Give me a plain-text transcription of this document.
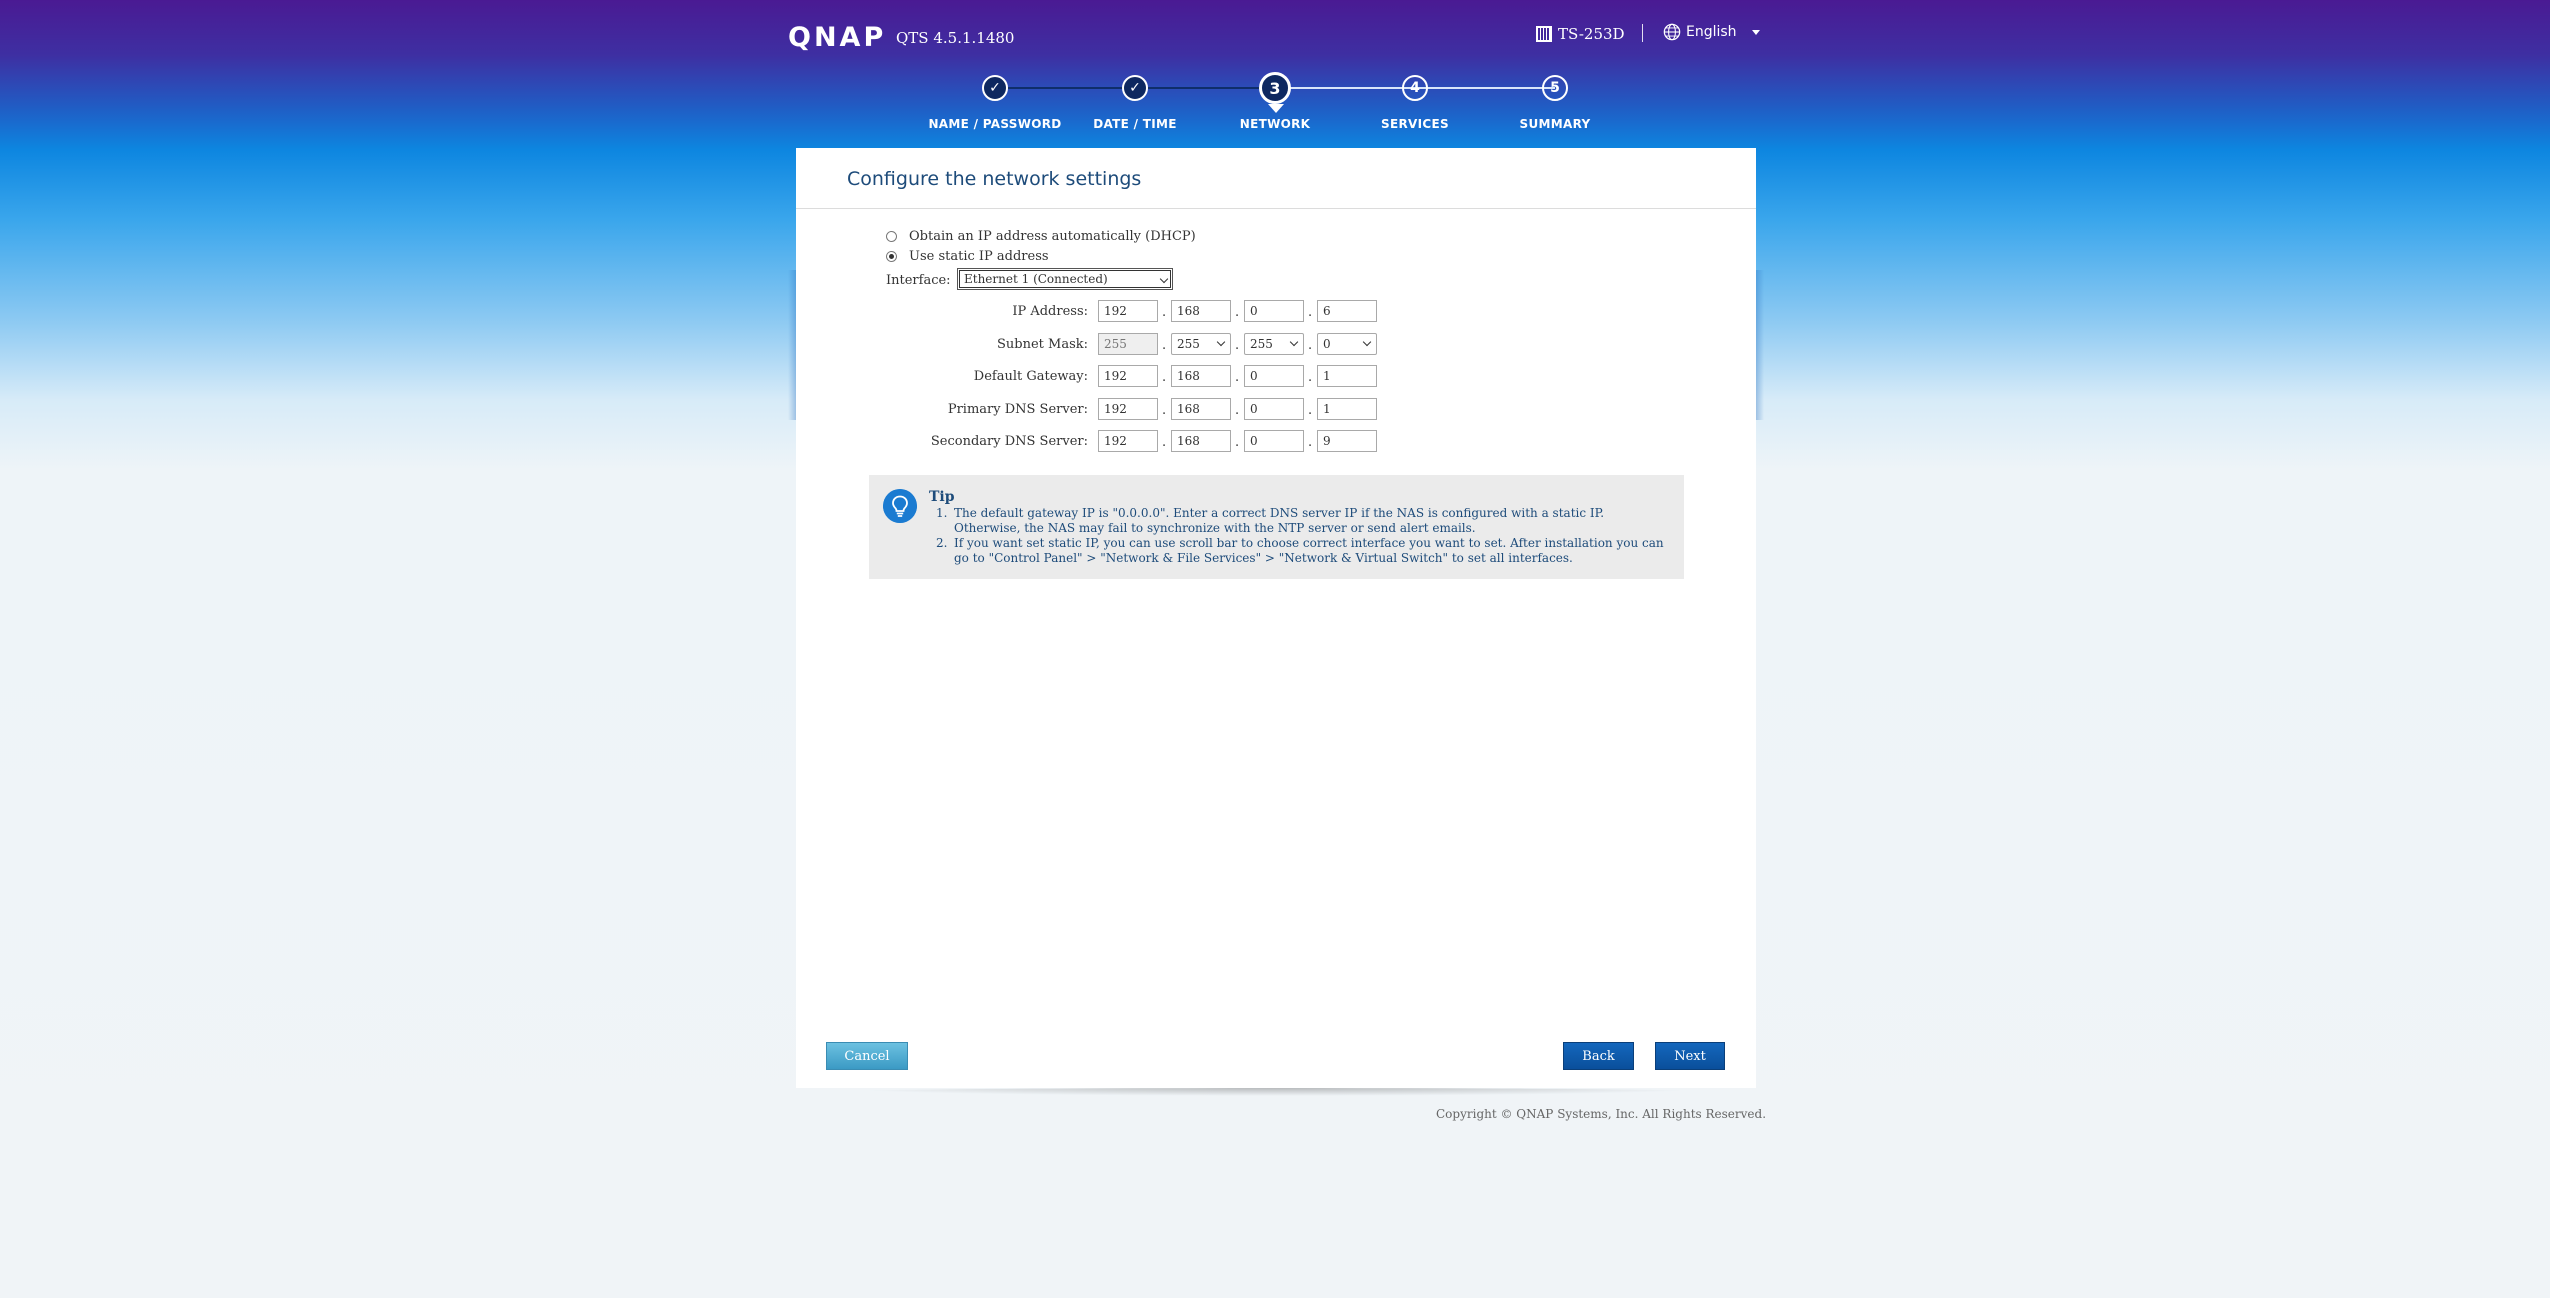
QNAP QTS 4.5.1.1480	TS-253D	English
✓	✓	3	4	5
NAME / PASSWORD	DATE / TIME	NETWORK	SERVICES	SUMMARY
Configure the network settings
Obtain an IP address automatically (DHCP)
Use static IP address
Interface:	Ethernet 1 (Connected)
IP Address:	192	. 168	. 0	. 6
Subnet Mask:	255	. 255	. 255	. 0
Default Gateway:	192	. 168	. 0	. 1
Primary DNS Server:	192	. 168	. 0	. 1
Secondary DNS Server:	192	. 168	. 0	. 9
Tip
1. The default gateway IP is "0.0.0.0". Enter a correct DNS server IP if the NAS is configured with a static IP. Otherwise, the NAS may fail to synchronize with the NTP server or send alert emails.
2. If you want set static IP, you can use scroll bar to choose correct interface you want to set. After installation you can go to "Control Panel" > "Network & File Services" > "Network & Virtual Switch" to set all interfaces.
Cancel	Back	Next
Copyright © QNAP Systems, Inc. All Rights Reserved.
